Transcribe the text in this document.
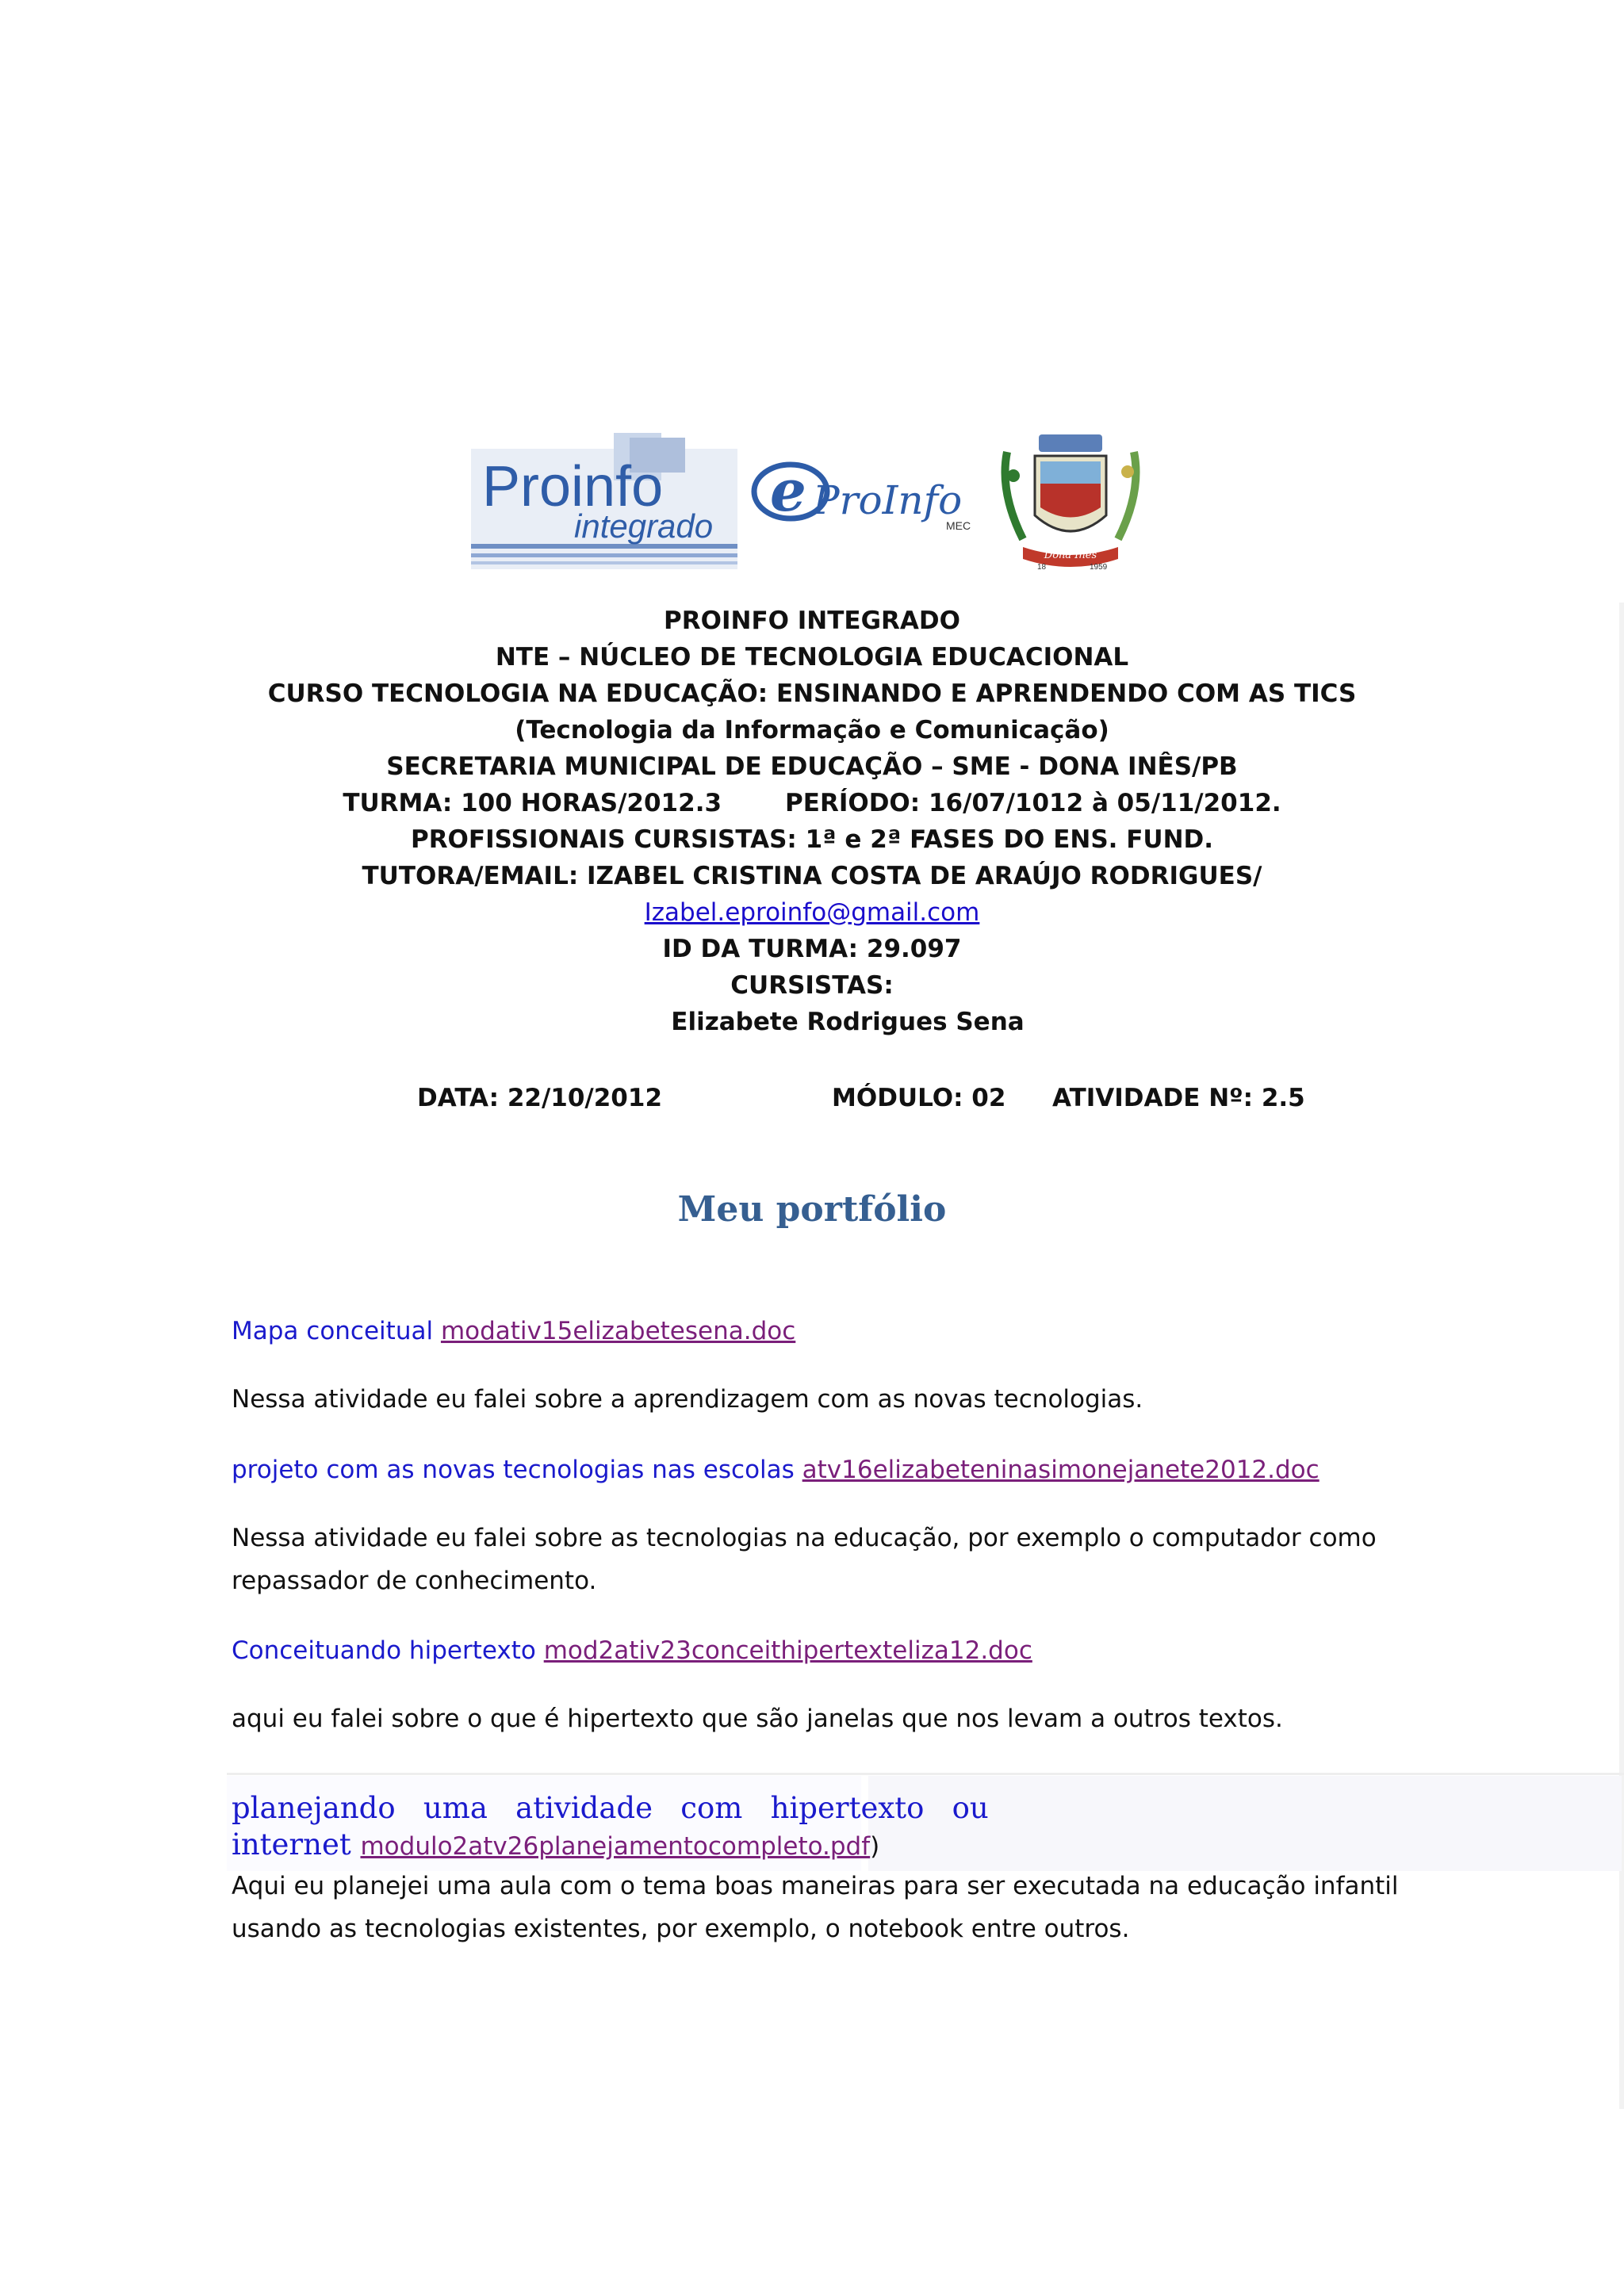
Proinfo
integrado
e ProInfo
MEC
Dona Inês
18	1959
PROINFO INTEGRADO
NTE – NÚCLEO DE TECNOLOGIA EDUCACIONAL
CURSO TECNOLOGIA NA EDUCAÇÃO: ENSINANDO E APRENDENDO COM AS TICS
(Tecnologia da Informação e Comunicação)
SECRETARIA MUNICIPAL DE EDUCAÇÃO – SME - DONA INÊS/PB
TURMA: 100 HORAS/2012.3	PERÍODO: 16/07/1012 à 05/11/2012.
PROFISSIONAIS CURSISTAS: 1ª e 2ª FASES DO ENS. FUND.
TUTORA/EMAIL: IZABEL CRISTINA COSTA DE ARAÚJO RODRIGUES/
Izabel.eproinfo@gmail.com
ID DA TURMA: 29.097
CURSISTAS:
Elizabete Rodrigues Sena
DATA: 22/10/2012	MÓDULO: 02 ATIVIDADE Nº: 2.5
Meu portfólio
Mapa conceitual modativ15elizabetesena.doc
Nessa atividade eu falei sobre a aprendizagem com as novas tecnologias.
projeto com as novas tecnologias nas escolas atv16elizabeteninasimonejanete2012.doc
Nessa atividade eu falei sobre as tecnologias na educação, por exemplo o computador como repassador de conhecimento.
Conceituando hipertexto mod2ativ23conceithipertexteliza12.doc
aqui eu falei sobre o que é hipertexto que são janelas que nos levam a outros textos.
planejando   uma   atividade   com   hipertexto   ou
internet modulo2atv26planejamentocompleto.pdf)
Aqui eu planejei uma aula com o tema boas maneiras para ser executada na educação infantil usando as tecnologias existentes, por exemplo, o notebook entre outros.
